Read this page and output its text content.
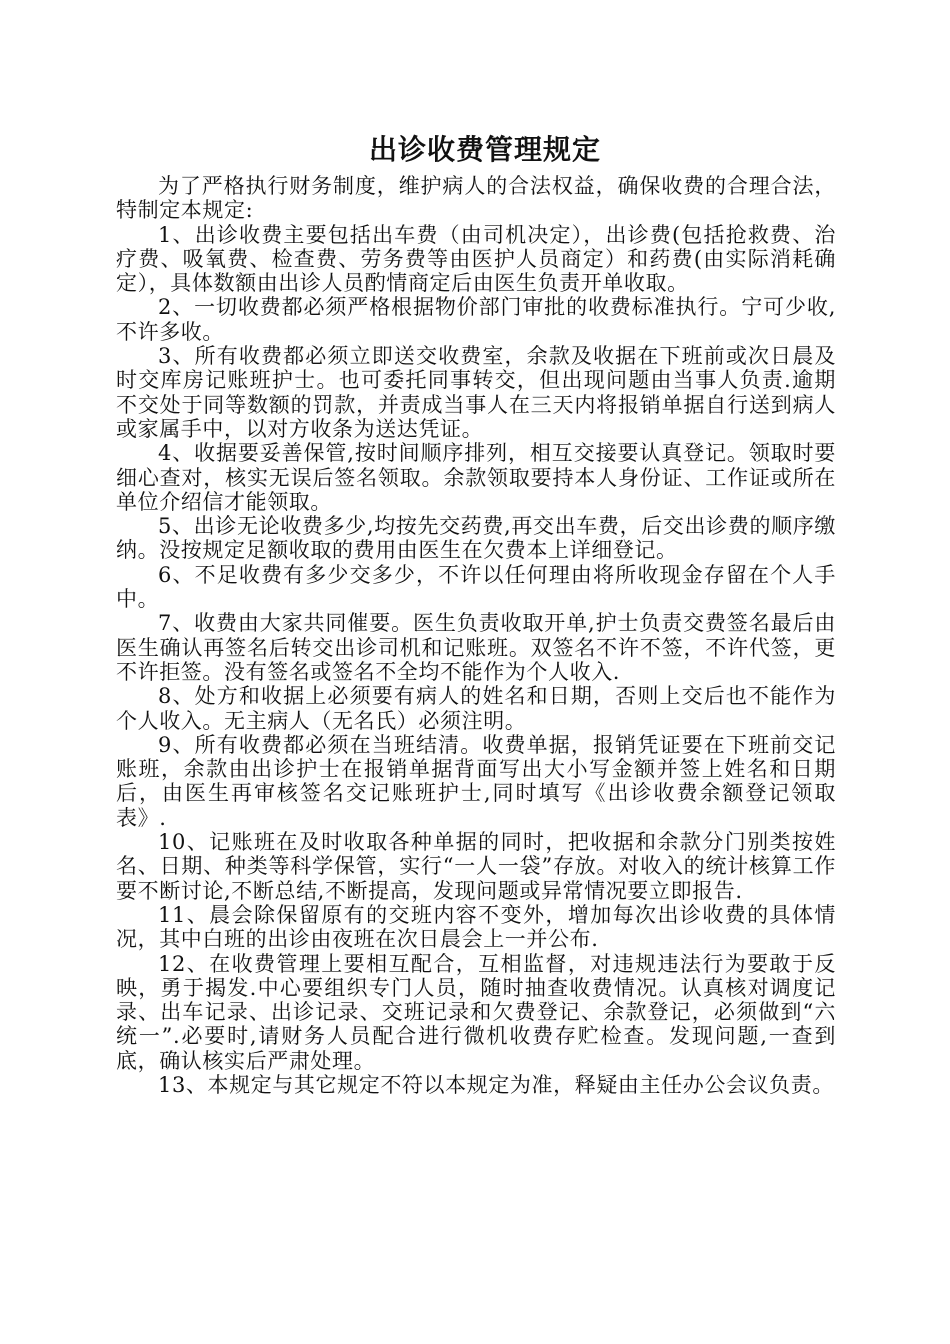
出诊收费管理规定

为了严格执行财务制度，维护病人的合法权益，确保收费的合理合法，特制定本规定:

1、出诊收费主要包括出车费（由司机决定），出诊费(包括抢救费、治疗费、吸氧费、检查费、劳务费等由医护人员商定）和药费(由实际消耗确定），具体数额由出诊人员酌情商定后由医生负责开单收取。

2、一切收费都必须严格根据物价部门审批的收费标准执行。宁可少收,不许多收。

3、所有收费都必须立即送交收费室，余款及收据在下班前或次日晨及时交库房记账班护士。也可委托同事转交，但出现问题由当事人负责.逾期不交处于同等数额的罚款，并责成当事人在三天内将报销单据自行送到病人或家属手中，以对方收条为送达凭证。

4、收据要妥善保管,按时间顺序排列，相互交接要认真登记。领取时要细心查对，核实无误后签名领取。余款领取要持本人身份证、工作证或所在单位介绍信才能领取。

5、出诊无论收费多少,均按先交药费,再交出车费，后交出诊费的顺序缴纳。没按规定足额收取的费用由医生在欠费本上详细登记。

6、不足收费有多少交多少，不许以任何理由将所收现金存留在个人手中。

7、收费由大家共同催要。医生负责收取开单,护士负责交费签名最后由医生确认再签名后转交出诊司机和记账班。双签名不许不签，不许代签，更不许拒签。没有签名或签名不全均不能作为个人收入.

8、处方和收据上必须要有病人的姓名和日期，否则上交后也不能作为个人收入。无主病人（无名氏）必须注明。

9、所有收费都必须在当班结清。收费单据，报销凭证要在下班前交记账班，余款由出诊护士在报销单据背面写出大小写金额并签上姓名和日期后，由医生再审核签名交记账班护士,同时填写《出诊收费余额登记领取表》.

10、记账班在及时收取各种单据的同时，把收据和余款分门别类按姓名、日期、种类等科学保管，实行“一人一袋”存放。对收入的统计核算工作要不断讨论,不断总结,不断提高，发现问题或异常情况要立即报告.

11、晨会除保留原有的交班内容不变外，增加每次出诊收费的具体情况，其中白班的出诊由夜班在次日晨会上一并公布.

12、在收费管理上要相互配合，互相监督，对违规违法行为要敢于反映，勇于揭发.中心要组织专门人员，随时抽查收费情况。认真核对调度记录、出车记录、出诊记录、交班记录和欠费登记、余款登记，必须做到“六统一”.必要时,请财务人员配合进行微机收费存贮检查。发现问题,一查到底，确认核实后严肃处理。

13、本规定与其它规定不符以本规定为准，释疑由主任办公会议负责。
